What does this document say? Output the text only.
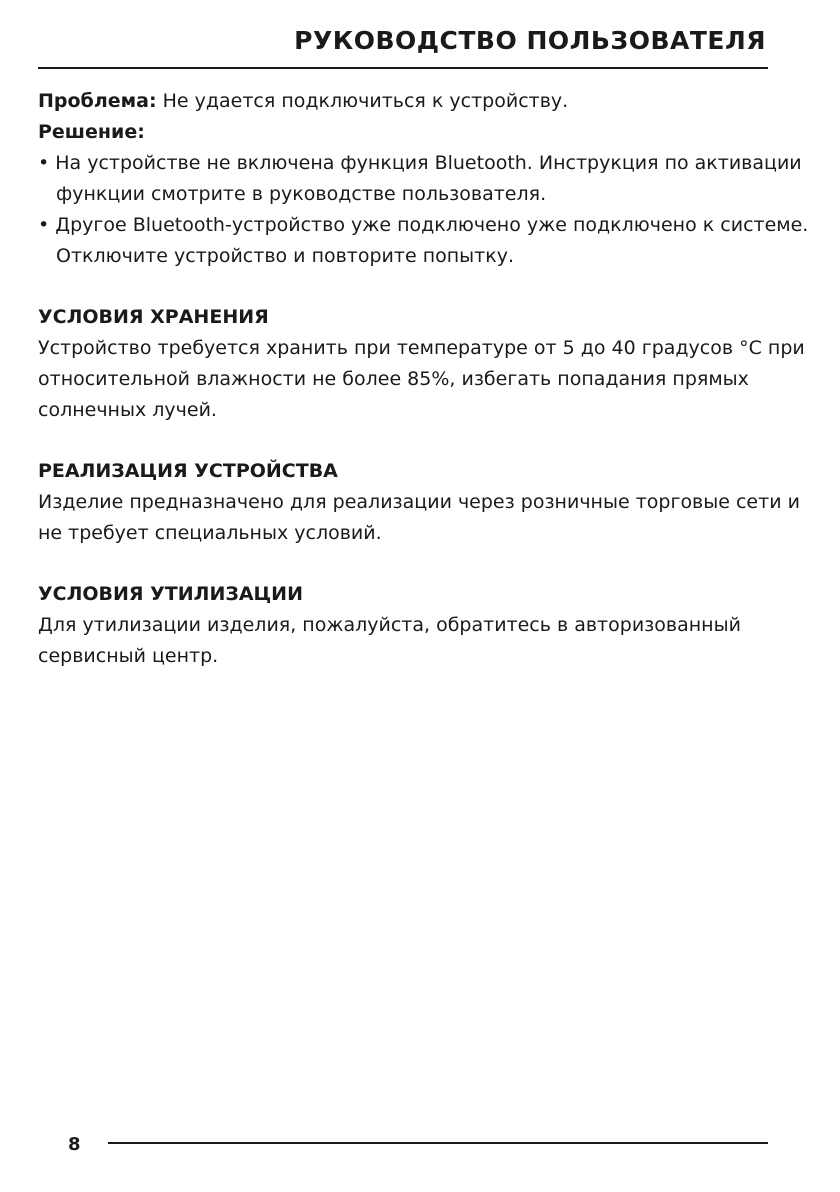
РУКОВОДСТВО ПОЛЬЗОВАТЕЛЯ
Проблема: Не удается подключиться к устройству.
Решение:
• На устройстве не включена функция Bluetooth. Инструкция по активации
функции смотрите в руководстве пользователя.
• Другое Bluetooth-устройство уже подключено уже подключено к системе.
Отключите устройство и повторите попытку.
УСЛОВИЯ ХРАНЕНИЯ
Устройство требуется хранить при температуре от 5 до 40 градусов °C при
относительной влажности не более 85%, избегать попадания прямых
солнечных лучей.
РЕАЛИЗАЦИЯ УСТРОЙСТВА
Изделие предназначено для реализации через розничные торговые сети и
не требует специальных условий.
УСЛОВИЯ УТИЛИЗАЦИИ
Для утилизации изделия, пожалуйста, обратитесь в авторизованный
сервисный центр.
8
